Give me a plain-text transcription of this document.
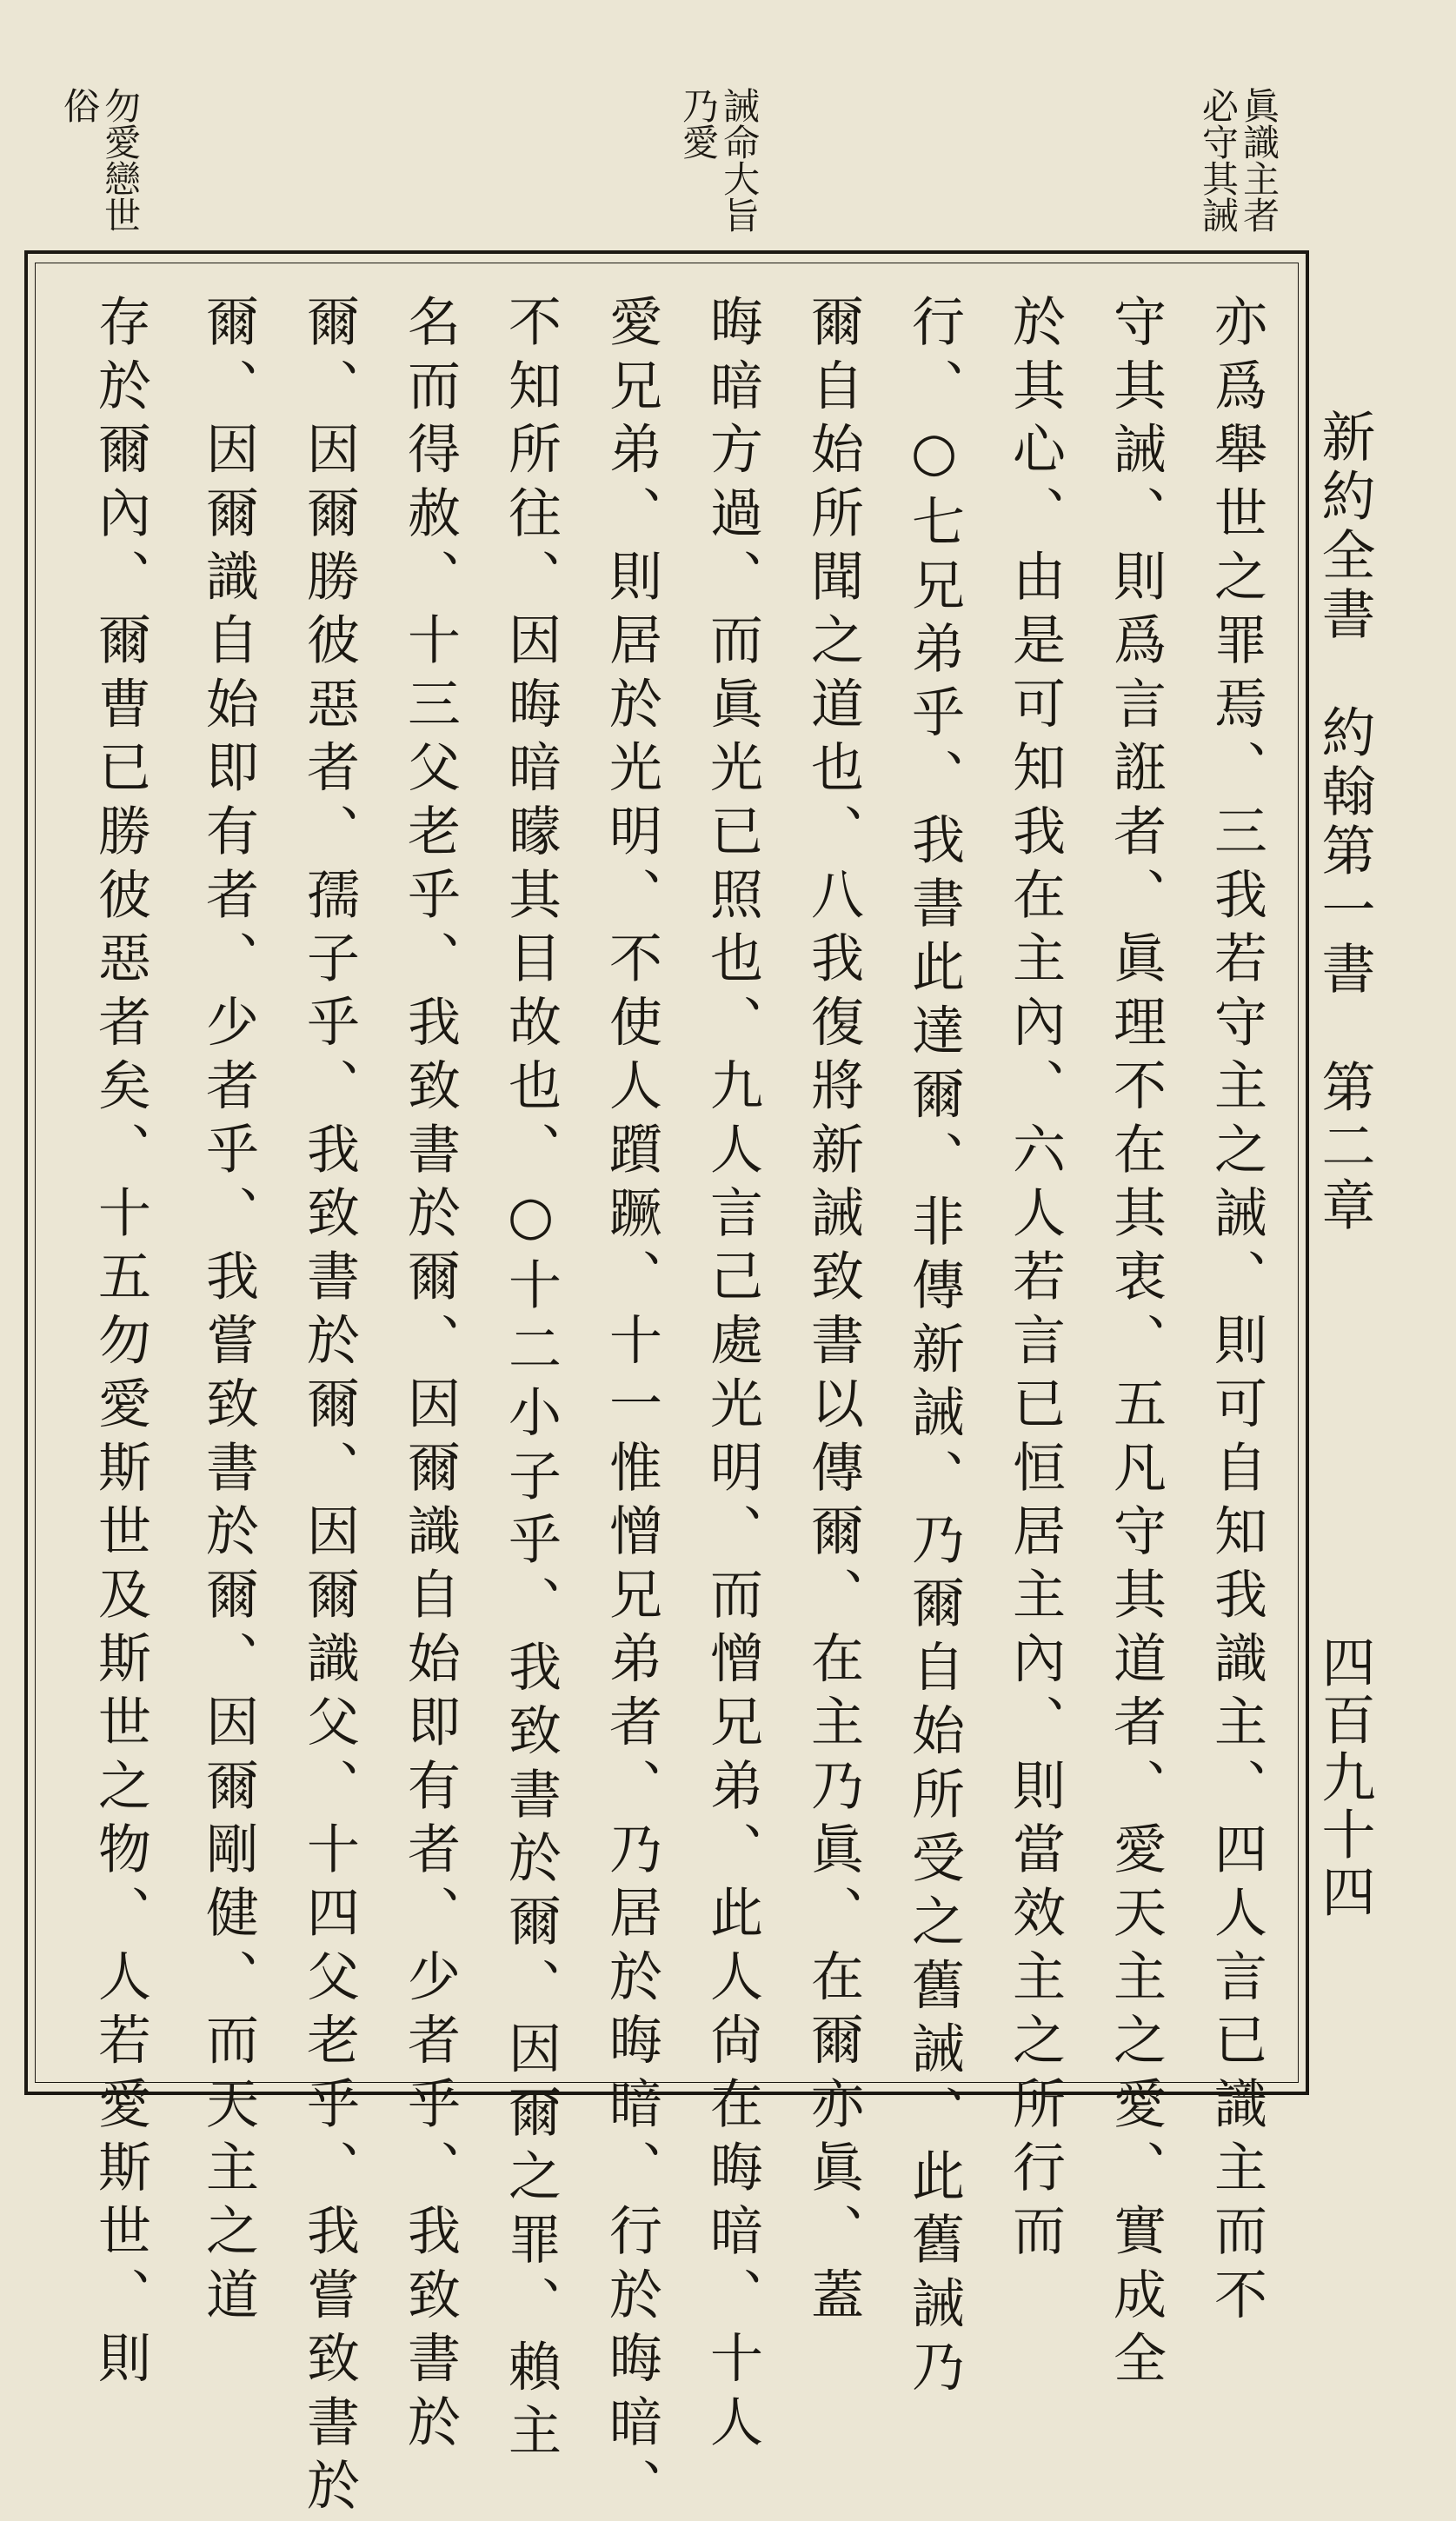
新約全書　約翰第一書　第二章
四百九十四
眞識主者
必守其誡
誡命大旨
乃愛
勿愛戀世
俗
亦爲舉世之罪焉、三我若守主之誡、則可自知我識主、四人言已識主而不
守其誡、則爲言誑者、眞理不在其衷、五凡守其道者、愛天主之愛、實成全
於其心、由是可知我在主內、六人若言已恒居主內、則當效主之所行而
行、○七兄弟乎、我書此達爾、非傳新誡、乃爾自始所受之舊誡、此舊誡乃
爾自始所聞之道也、八我復將新誡致書以傳爾、在主乃眞、在爾亦眞、蓋
晦暗方過、而眞光已照也、九人言己處光明、而憎兄弟、此人尙在晦暗、十人
愛兄弟、則居於光明、不使人躓蹶、十一惟憎兄弟者、乃居於晦暗、行於晦暗、
不知所往、因晦暗矇其目故也、○十二小子乎、我致書於爾、因爾之罪、賴主
名而得赦、十三父老乎、我致書於爾、因爾識自始即有者、少者乎、我致書於
爾、因爾勝彼惡者、孺子乎、我致書於爾、因爾識父、十四父老乎、我嘗致書於
爾、因爾識自始即有者、少者乎、我嘗致書於爾、因爾剛健、而天主之道
存於爾內、爾曹已勝彼惡者矣、十五勿愛斯世及斯世之物、人若愛斯世、則
